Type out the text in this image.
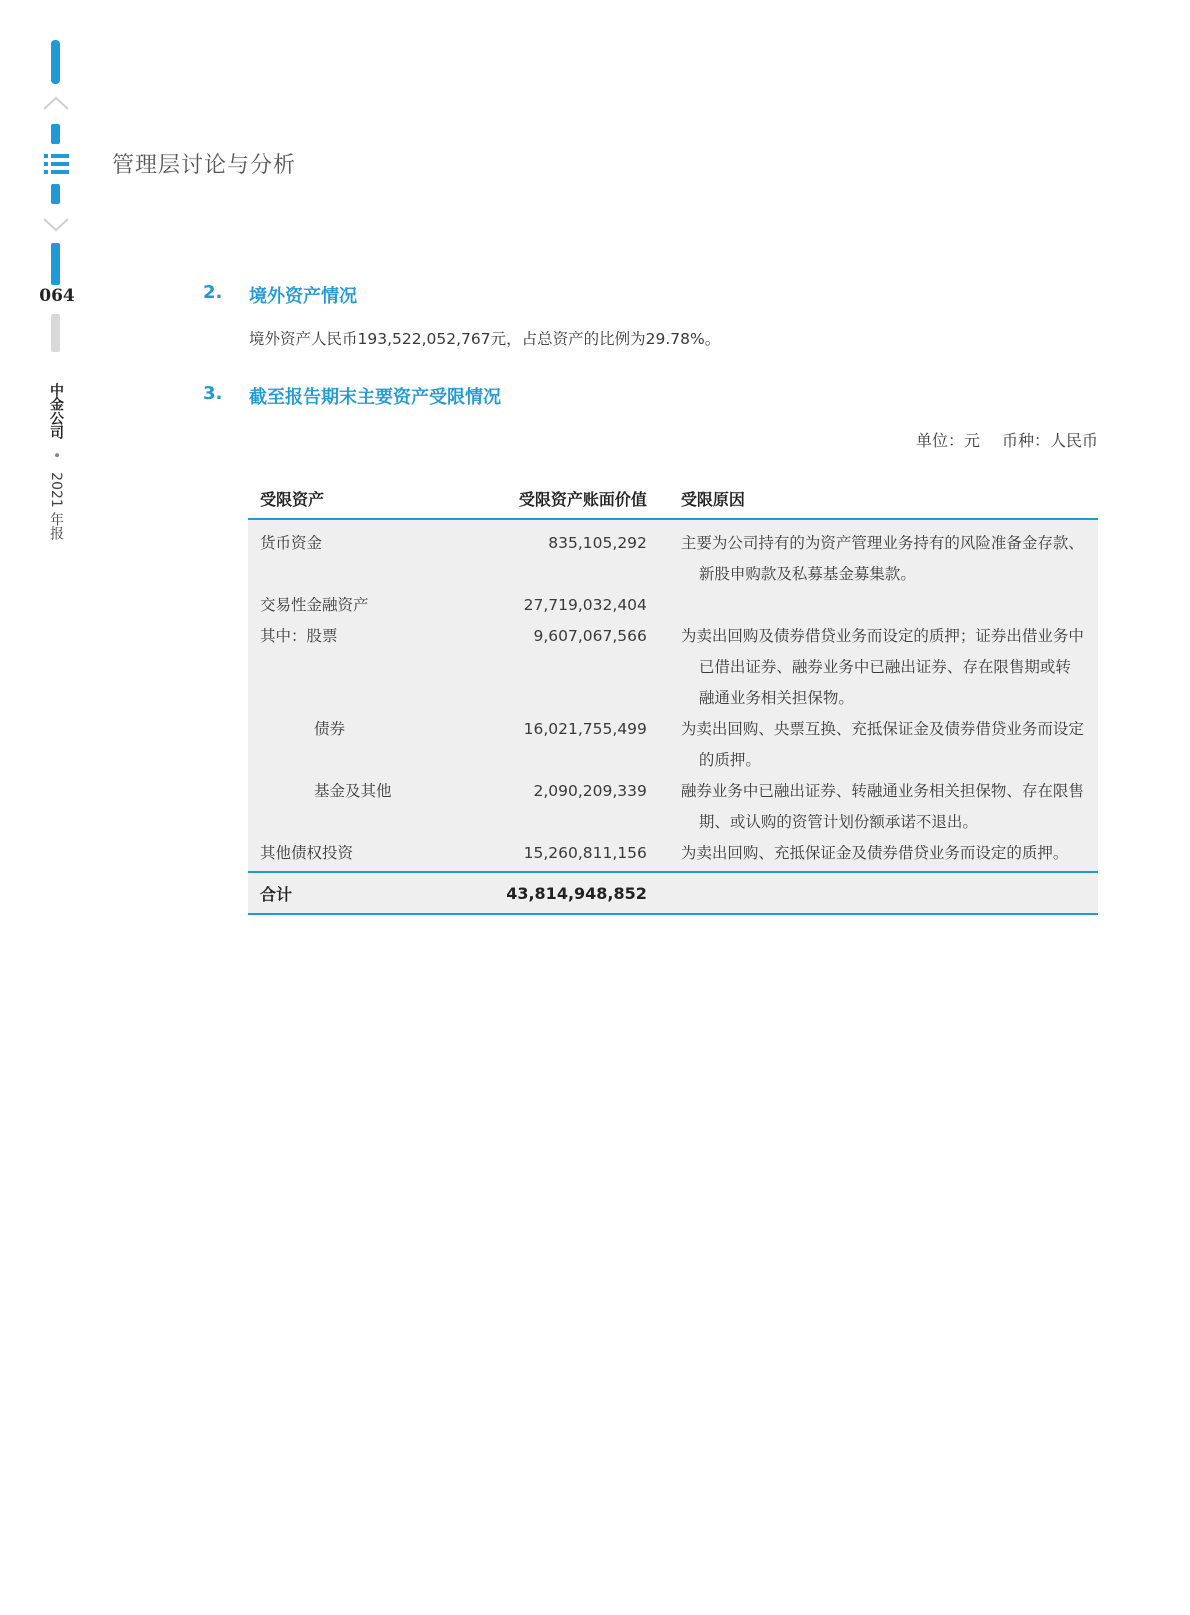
064
中金公司 • 2021 年报
管理层讨论与分析
2. 境外资产情况
境外资产人民币193,522,052,767元，占总资产的比例为29.78%。
3. 截至报告期末主要资产受限情况
单位：元 币种：人民币
受限资产	受限资产账面价值	受限原因
货币资金	835,105,292	主要为公司持有的为资产管理业务持有的风险准备金存款、新股申购款及私募基金募集款。

交易性金融资产	27,719,032,404	

其中：股票	9,607,067,566	为卖出回购及债券借贷业务而设定的质押；证券出借业务中已借出证券、融券业务中已融出证券、存在限售期或转融通业务相关担保物。

债券	16,021,755,499	为卖出回购、央票互换、充抵保证金及债券借贷业务而设定的质押。

基金及其他	2,090,209,339	融券业务中已融出证券、转融通业务相关担保物、存在限售期、或认购的资管计划份额承诺不退出。

其他债权投资	15,260,811,156	为卖出回购、充抵保证金及债券借贷业务而设定的质押。

合计	43,814,948,852	
